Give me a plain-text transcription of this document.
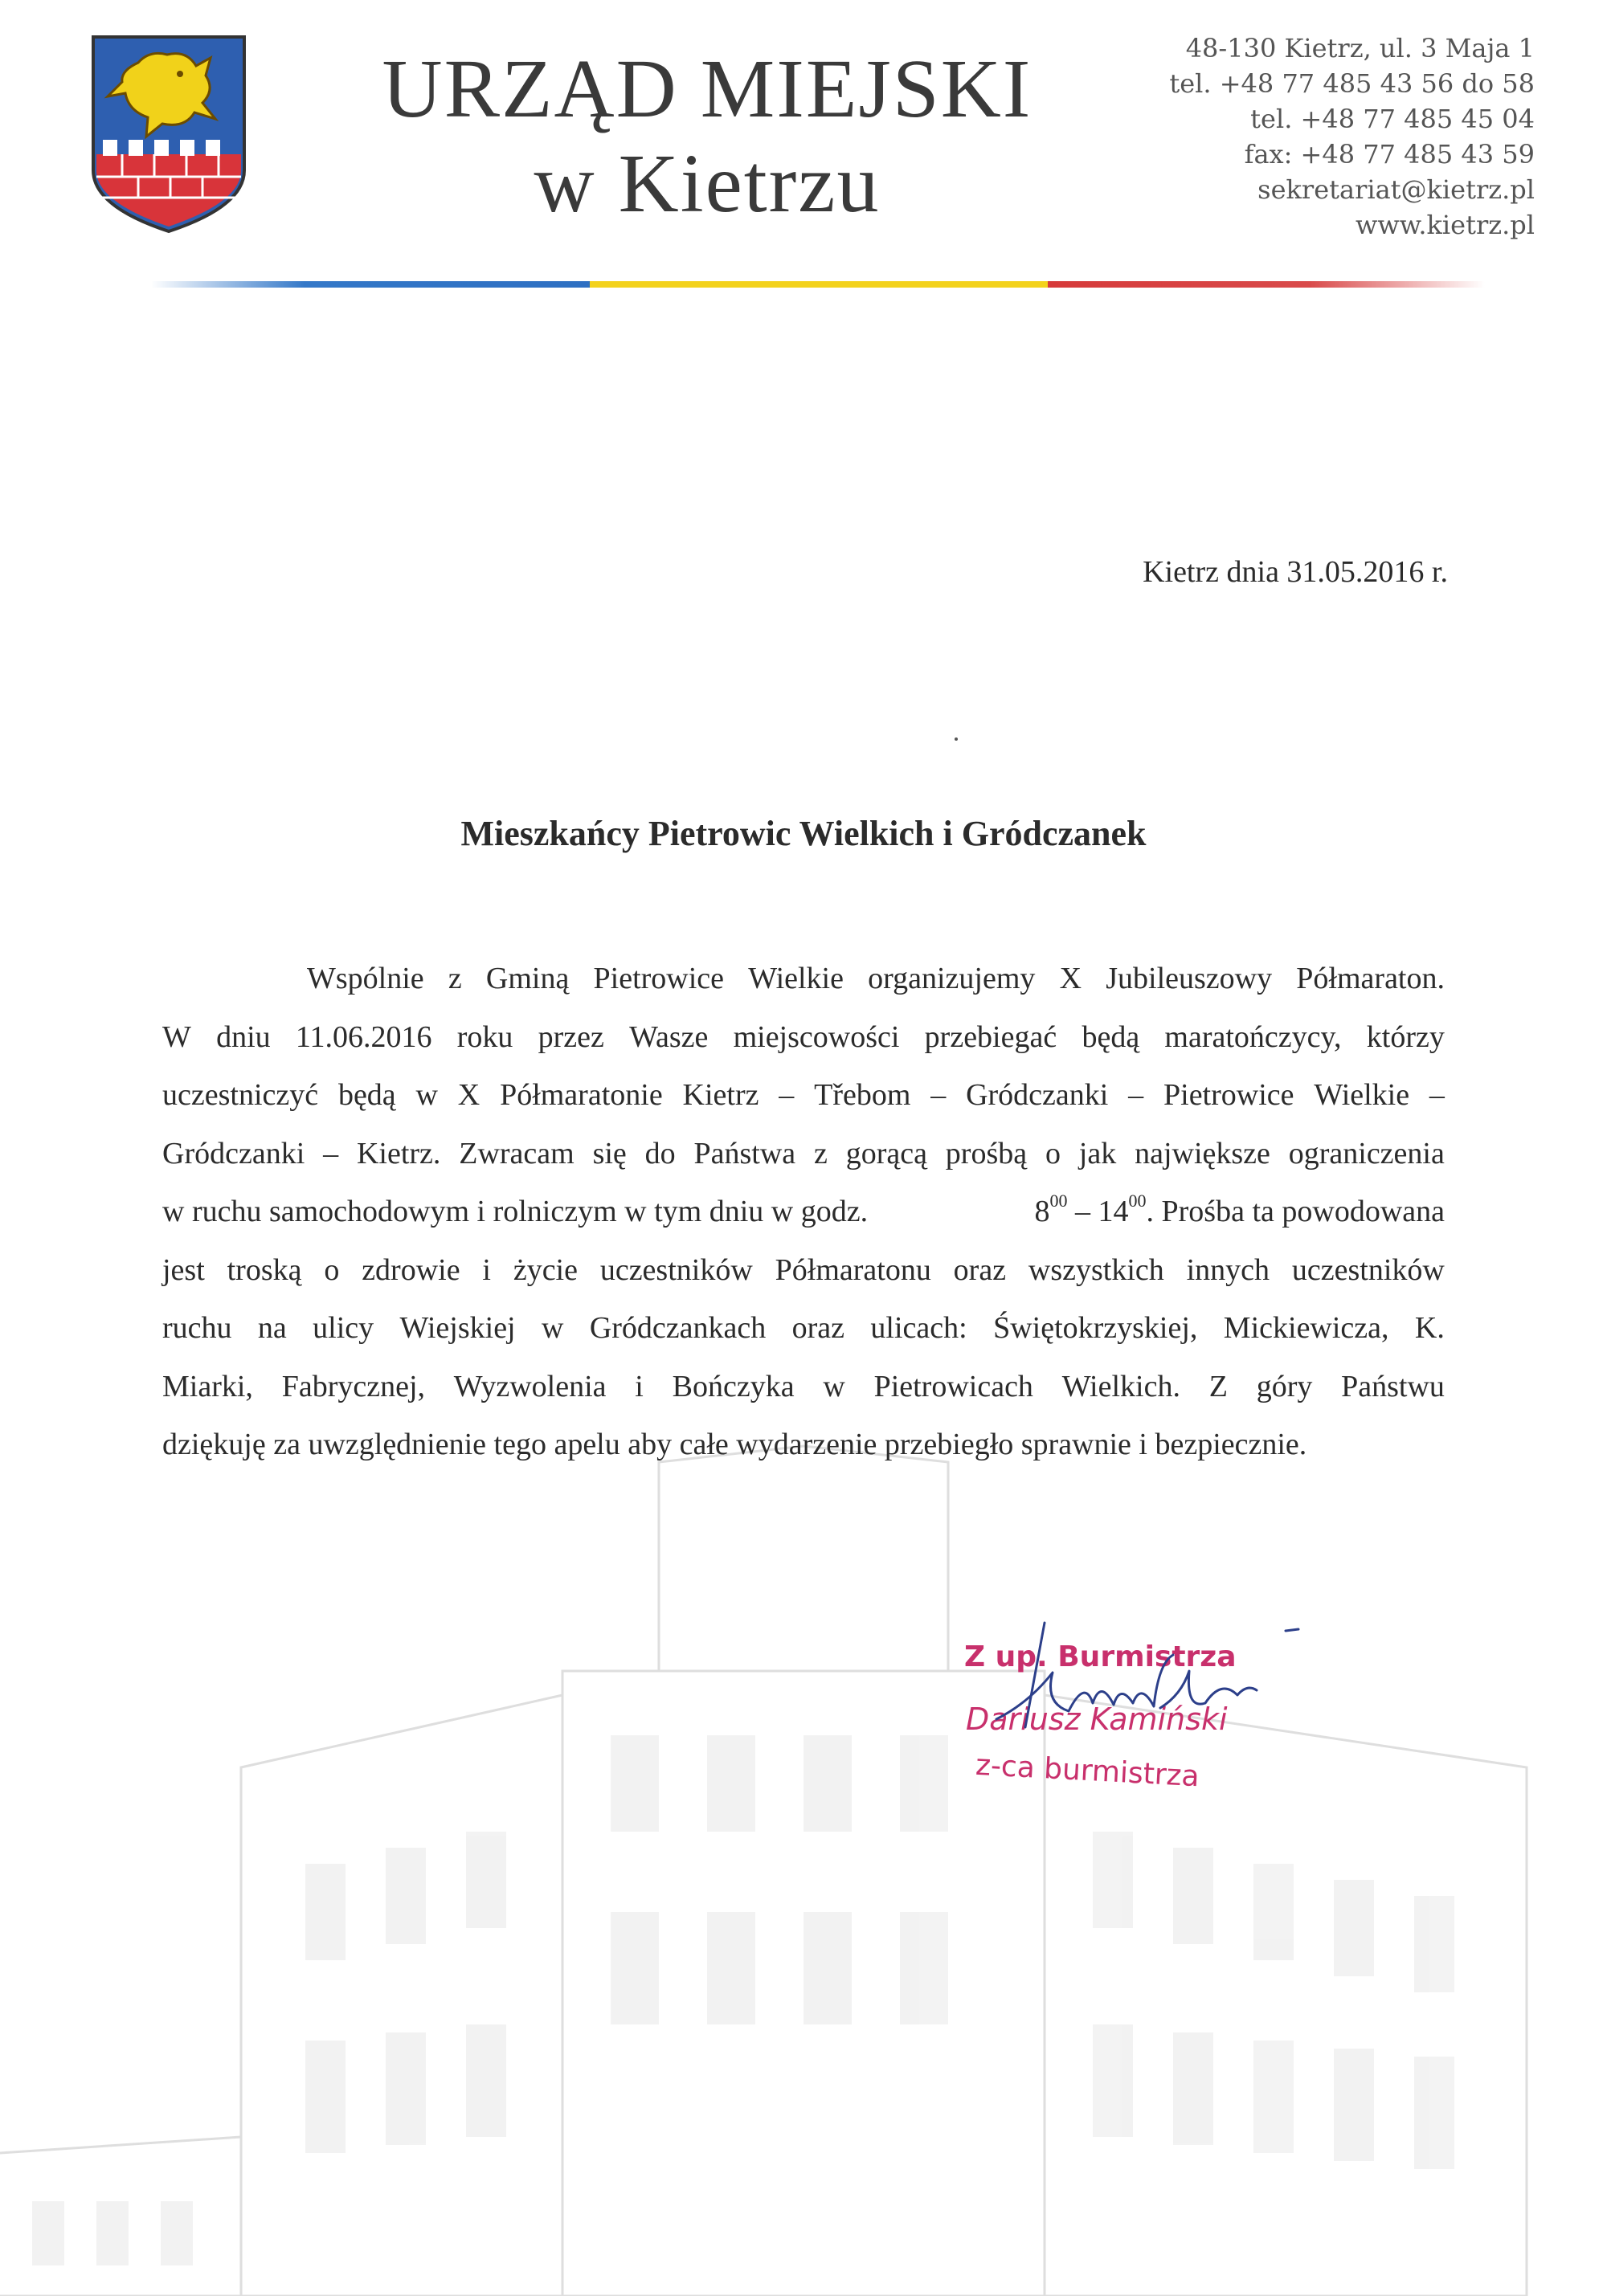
URZĄD MIEJSKI
w Kietrzu
48-130 Kietrz, ul. 3 Maja 1
tel. +48 77 485 43 56 do 58
tel. +48 77 485 45 04
fax: +48 77 485 43 59
sekretariat@kietrz.pl
www.kietrz.pl
Kietrz dnia 31.05.2016 r.
Mieszkańcy Pietrowic Wielkich i Gródczanek
Wspólnie z Gminą Pietrowice Wielkie organizujemy X Jubileuszowy Półmaraton.
W dniu 11.06.2016 roku przez Wasze miejscowości przebiegać będą maratończycy, którzy
uczestniczyć będą w X Półmaratonie Kietrz – Třebom – Gródczanki – Pietrowice Wielkie –
Gródczanki – Kietrz. Zwracam się do Państwa z gorącą prośbą o jak największe ograniczenia
w ruchu samochodowym i rolniczym w tym dniu w godz.	$8^{00} - 14^{00}$. Prośba ta powodowana
jest troską o zdrowie i życie uczestników Półmaratonu oraz wszystkich innych uczestników
ruchu na ulicy Wiejskiej w Gródczankach oraz ulicach: Świętokrzyskiej, Mickiewicza, K.
Miarki, Fabrycznej, Wyzwolenia i Bończyka w Pietrowicach Wielkich. Z góry Państwu
dziękuję za uwzględnienie tego apelu aby całe wydarzenie przebiegło sprawnie i bezpiecznie.
Z up. Burmistrza
Dariusz Kamiński
z-ca burmistrza
